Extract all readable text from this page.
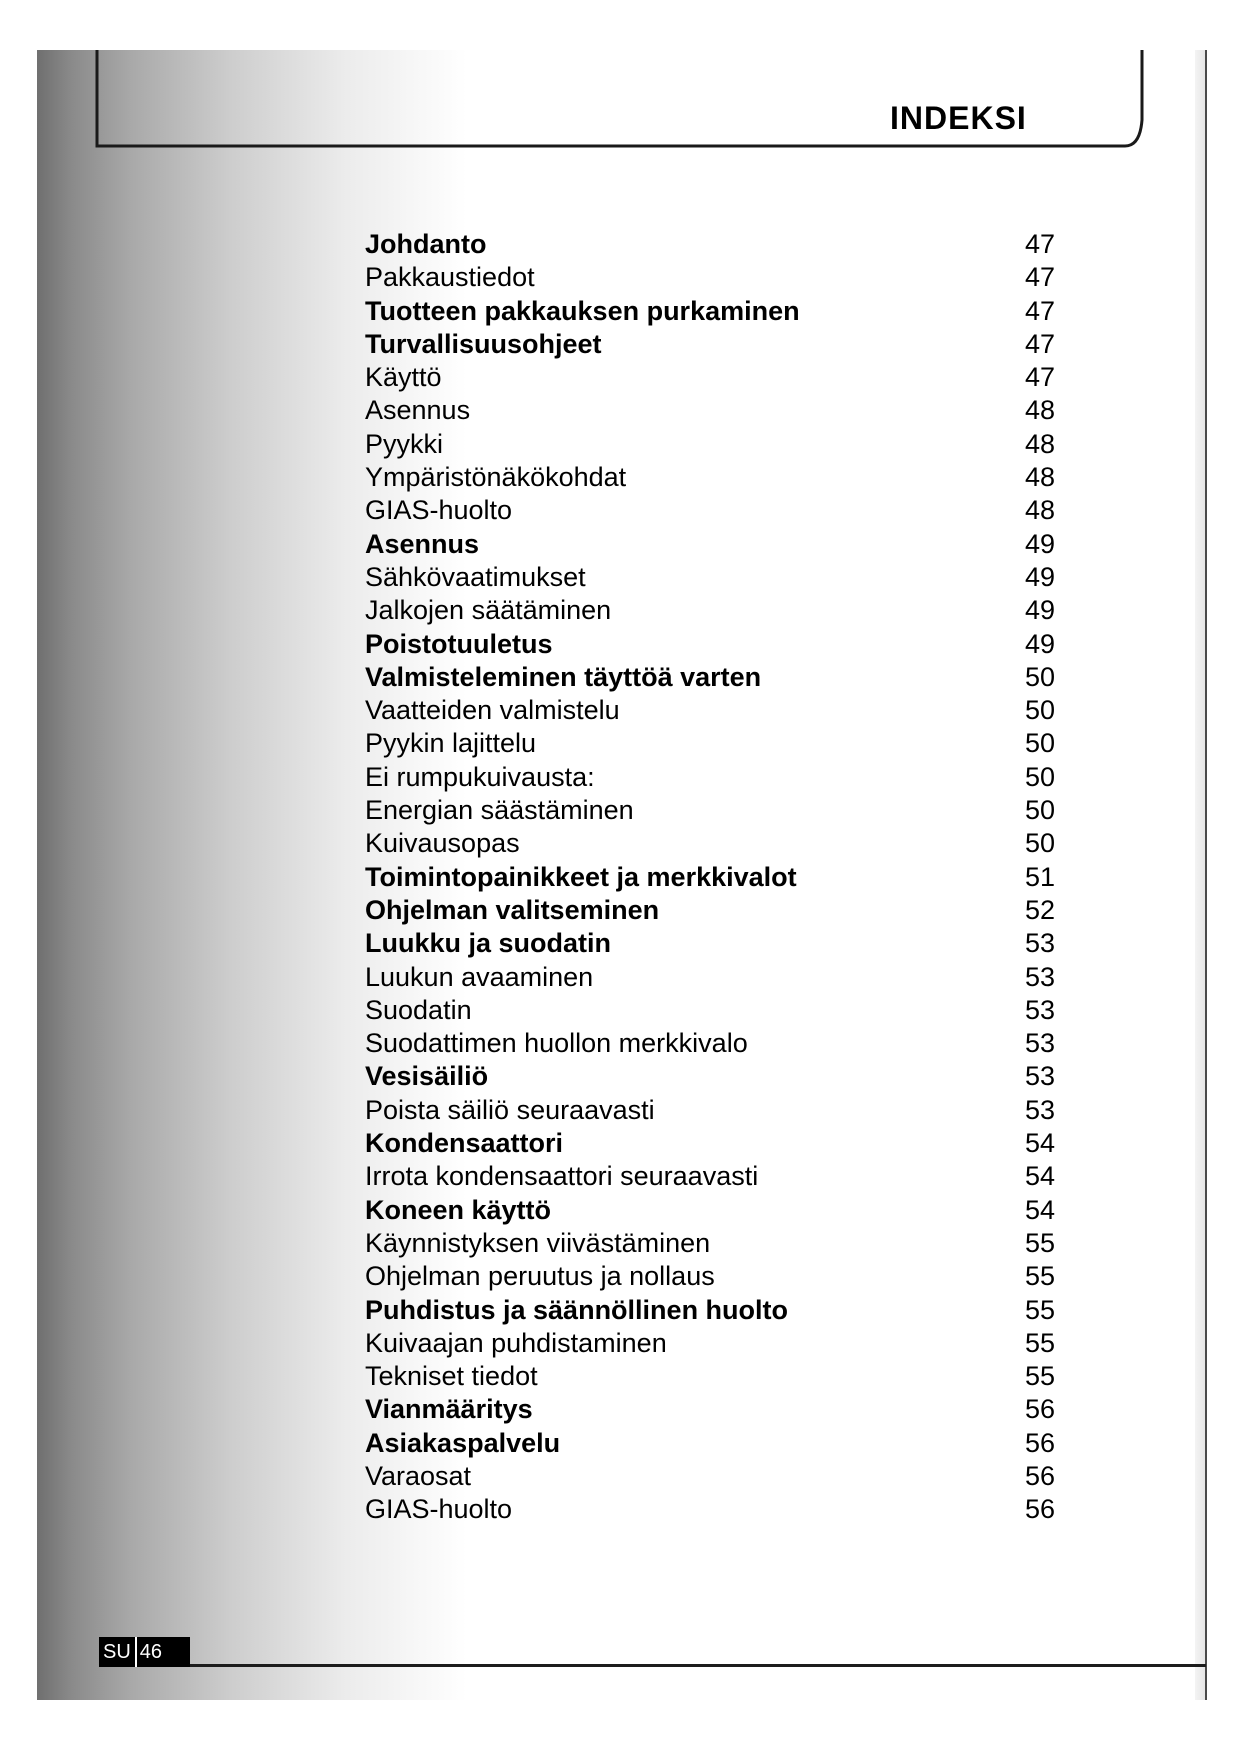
INDEKSI
Johdanto	47
Pakkaustiedot	47
Tuotteen pakkauksen purkaminen	47
Turvallisuusohjeet	47
Käyttö	47
Asennus	48
Pyykki	48
Ympäristönäkökohdat	48
GIAS-huolto	48
Asennus	49
Sähkövaatimukset	49
Jalkojen säätäminen	49
Poistotuuletus	49
Valmisteleminen täyttöä varten	50
Vaatteiden valmistelu	50
Pyykin lajittelu	50
Ei rumpukuivausta:	50
Energian säästäminen	50
Kuivausopas	50
Toimintopainikkeet ja merkkivalot	51
Ohjelman valitseminen	52
Luukku ja suodatin	53
Luukun avaaminen	53
Suodatin	53
Suodattimen huollon merkkivalo	53
Vesisäiliö	53
Poista säiliö seuraavasti	53
Kondensaattori	54
Irrota kondensaattori seuraavasti	54
Koneen käyttö	54
Käynnistyksen viivästäminen	55
Ohjelman peruutus ja nollaus	55
Puhdistus ja säännöllinen huolto	55
Kuivaajan puhdistaminen	55
Tekniset tiedot	55
Vianmääritys	56
Asiakaspalvelu	56
Varaosat	56
GIAS-huolto	56
SU 46
